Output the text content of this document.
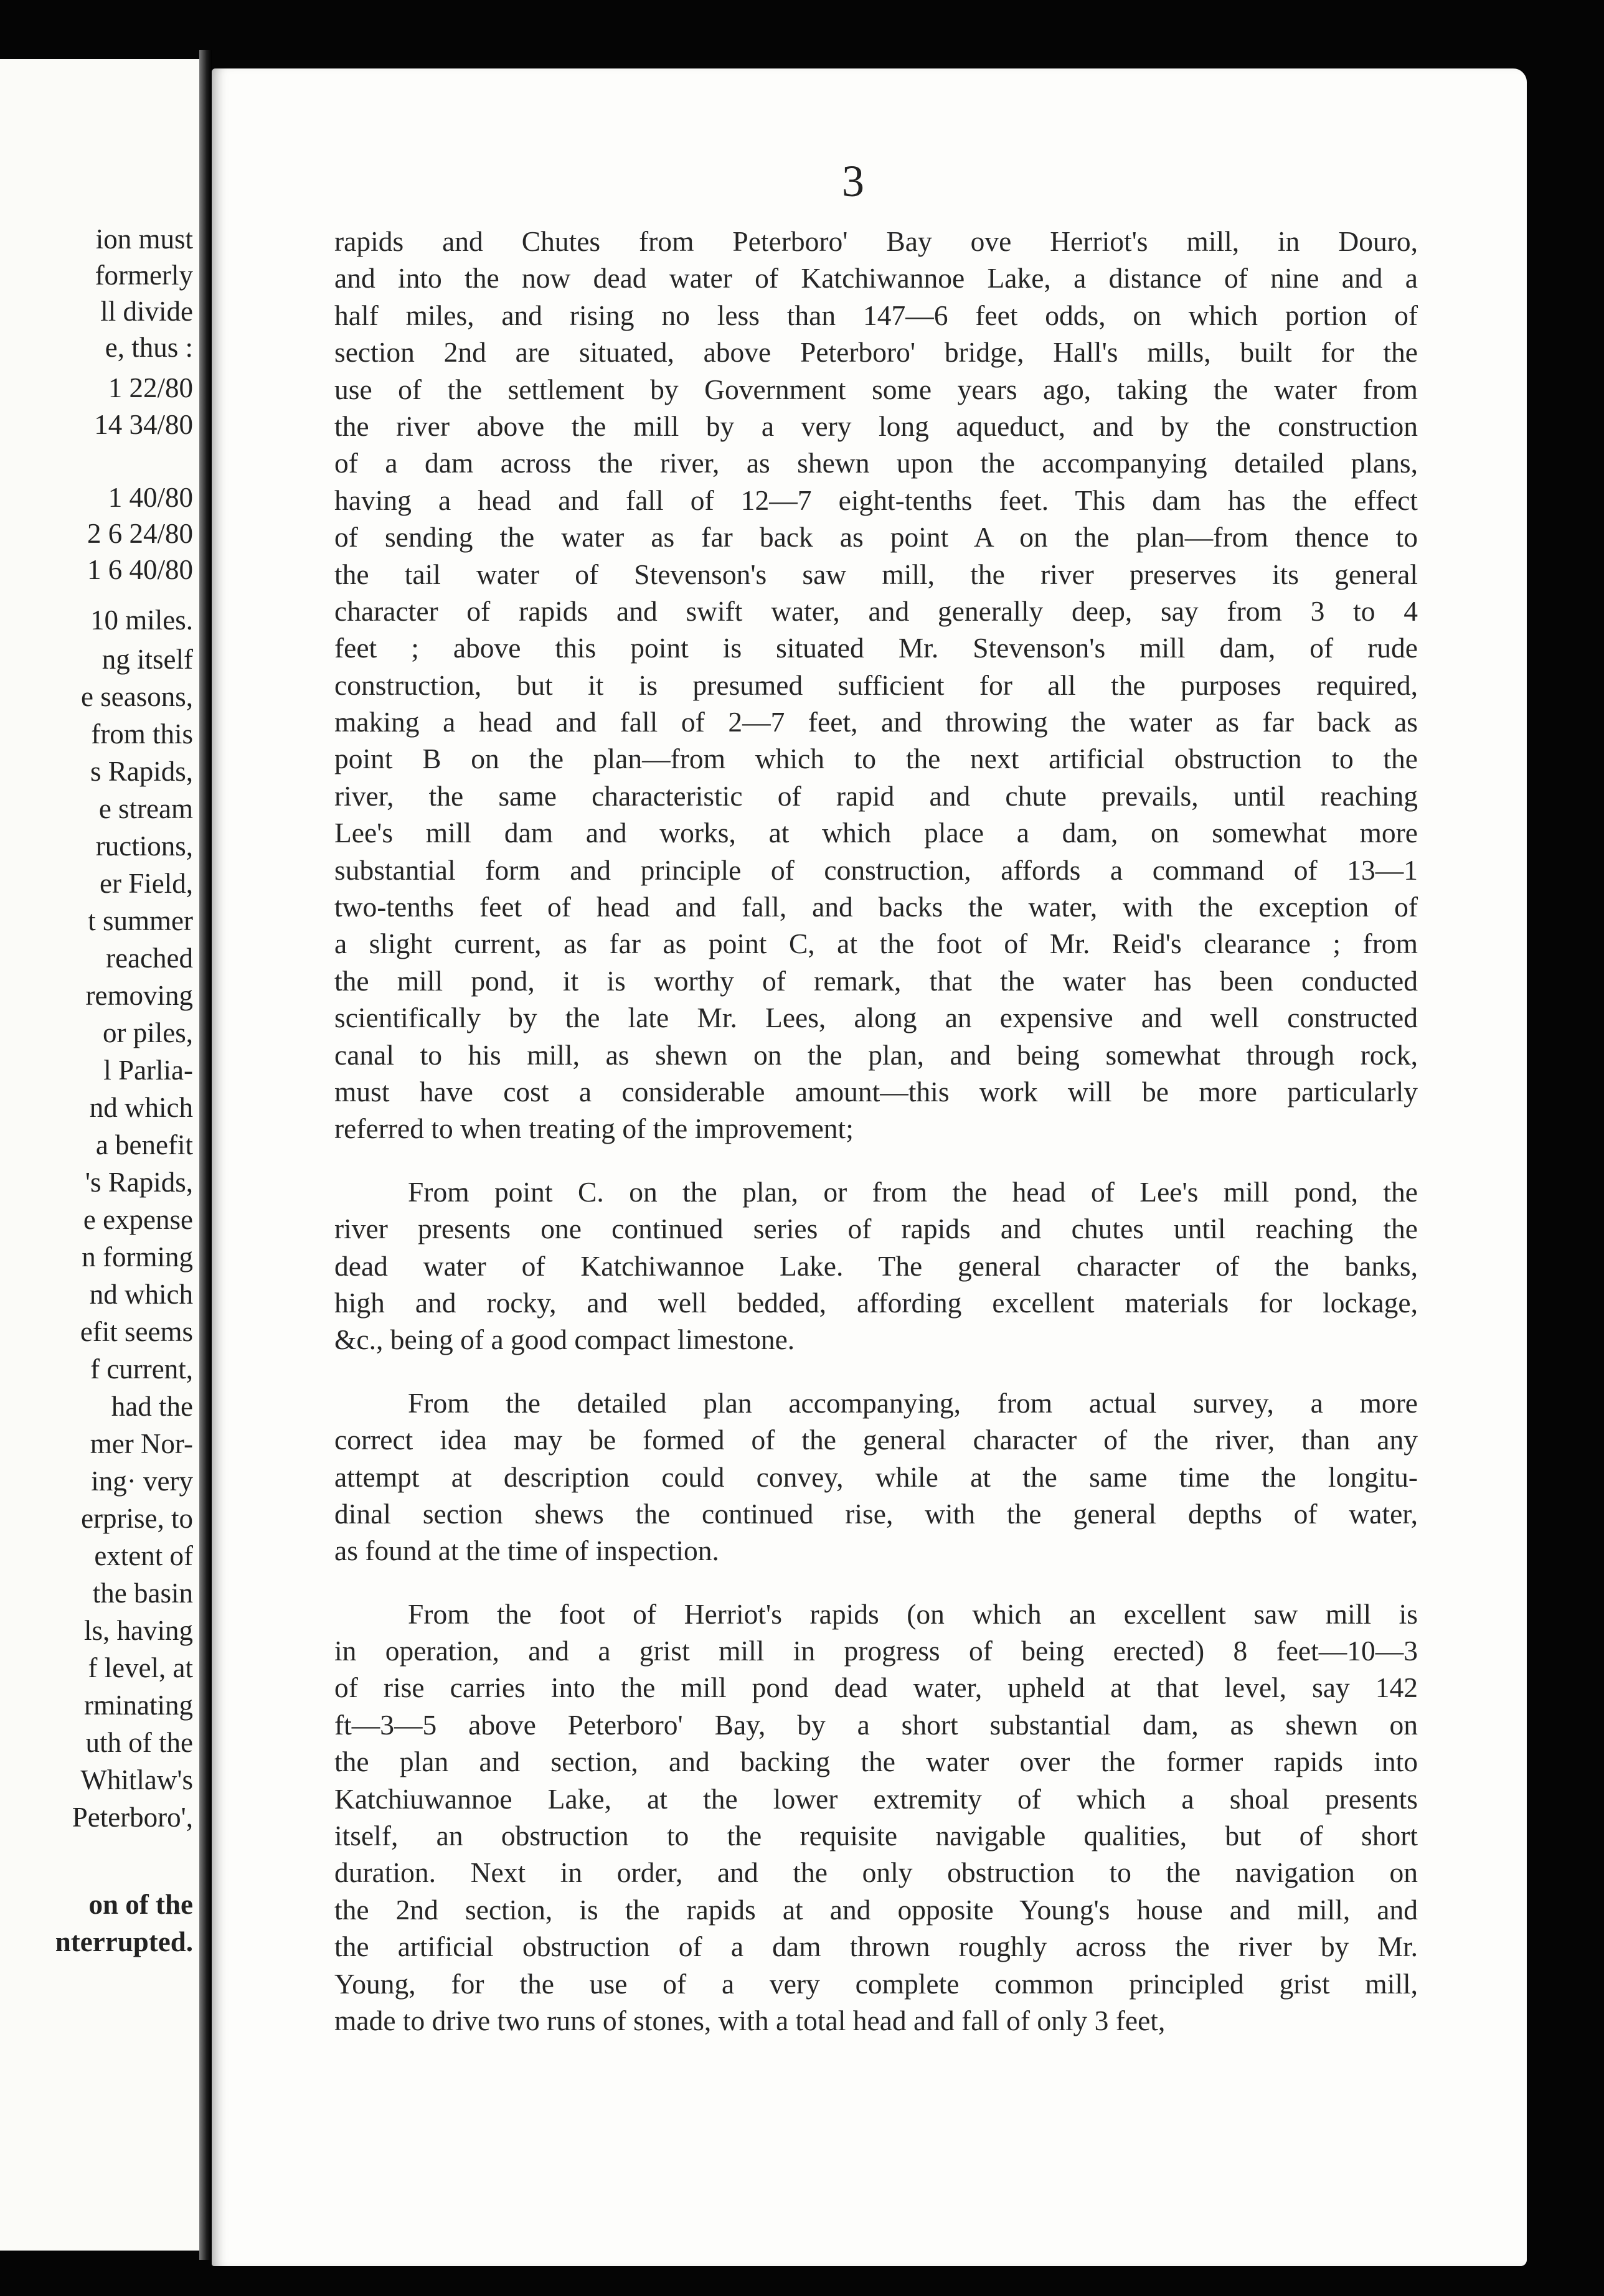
ion must
formerly
ll divide
e, thus :
1 22/80
14 34/80
1 40/80
2 6 24/80
1 6 40/80
10 miles.
ng itself
e seasons,
from this
s Rapids,
e stream
ructions,
er Field,
t summer
reached
removing
or piles,
l Parlia-
nd which
a benefit
's Rapids,
e expense
n forming
nd which
efit seems
f current,
had the
mer Nor-
ing· very
erprise, to
extent of
the basin
ls, having
f level, at
rminating
uth of the
Whitlaw's
Peterboro',
on of the
nterrupted.
3
rapids and Chutes from Peterboro' Bay ove Herriot's mill, in Douro,
and into the now dead water of Katchiwannoe Lake, a distance of nine and a
half miles, and rising no less than 147—6 feet odds, on which portion of
section 2nd are situated, above Peterboro' bridge, Hall's mills, built for the
use of the settlement by Government some years ago, taking the water from
the river above the mill by a very long aqueduct, and by the construction
of a dam across the river, as shewn upon the accompanying detailed plans,
having a head and fall of 12—7 eight-tenths feet. This dam has the effect
of sending the water as far back as point A on the plan—from thence to
the tail water of Stevenson's saw mill, the river preserves its general
character of rapids and swift water, and generally deep, say from 3 to 4
feet ; above this point is situated Mr. Stevenson's mill dam, of rude
construction, but it is presumed sufficient for all the purposes required,
making a head and fall of 2—7 feet, and throwing the water as far back as
point B on the plan—from which to the next artificial obstruction to the
river, the same characteristic of rapid and chute prevails, until reaching
Lee's mill dam and works, at which place a dam, on somewhat more
substantial form and principle of construction, affords a command of 13—1
two-tenths feet of head and fall, and backs the water, with the exception of
a slight current, as far as point C, at the foot of Mr. Reid's clearance ; from
the mill pond, it is worthy of remark, that the water has been conducted
scientifically by the late Mr. Lees, along an expensive and well constructed
canal to his mill, as shewn on the plan, and being somewhat through rock,
must have cost a considerable amount—this work will be more particularly
referred to when treating of the improvement;
From point C. on the plan, or from the head of Lee's mill pond, the
river presents one continued series of rapids and chutes until reaching the
dead water of Katchiwannoe Lake. The general character of the banks,
high and rocky, and well bedded, affording excellent materials for lockage,
&c., being of a good compact limestone.
From the detailed plan accompanying, from actual survey, a more
correct idea may be formed of the general character of the river, than any
attempt at description could convey, while at the same time the longitu-
dinal section shews the continued rise, with the general depths of water,
as found at the time of inspection.
From the foot of Herriot's rapids (on which an excellent saw mill is
in operation, and a grist mill in progress of being erected) 8 feet—10—3
of rise carries into the mill pond dead water, upheld at that level, say 142
ft—3—5 above Peterboro' Bay, by a short substantial dam, as shewn on
the plan and section, and backing the water over the former rapids into
Katchiuwannoe Lake, at the lower extremity of which a shoal presents
itself, an obstruction to the requisite navigable qualities, but of short
duration. Next in order, and the only obstruction to the navigation on
the 2nd section, is the rapids at and opposite Young's house and mill, and
the artificial obstruction of a dam thrown roughly across the river by Mr.
Young, for the use of a very complete common principled grist mill,
made to drive two runs of stones, with a total head and fall of only 3 feet,
